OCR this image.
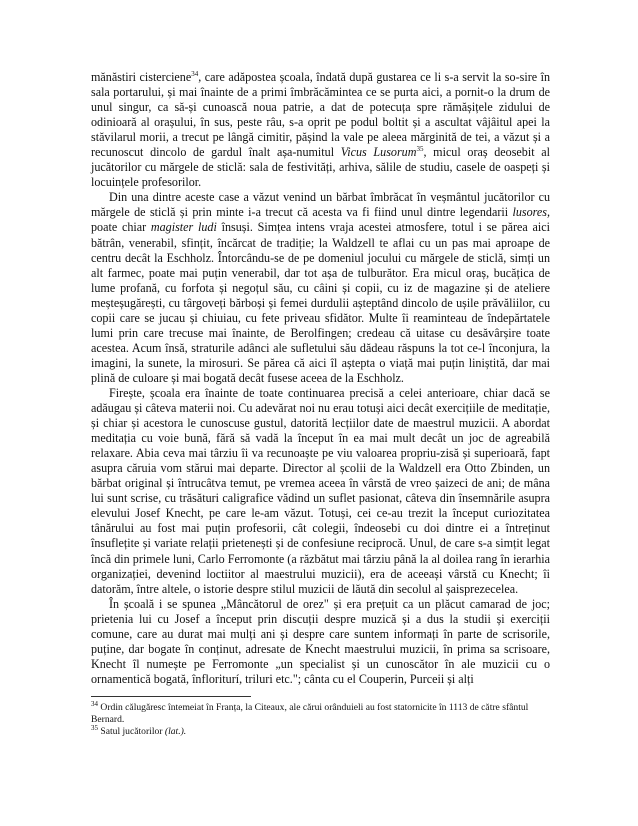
mănăstiri cisterciene$^{34}$, care adăpostea școala, îndată după gustarea ce li s-a servit la so-sire în sala portarului, și mai înainte de a primi îmbrăcămintea ce se purta aici, a pornit-o la drum de unul singur, ca să-și cunoască noua patrie, a dat de potecuța spre rămășițele zidului de odinioară al orașului, în sus, peste râu, s-a oprit pe podul boltit și a ascultat vâjâitul apei la stăvilarul morii, a trecut pe lângă cimitir, pășind la vale pe aleea mărginită de tei, a văzut și a recunoscut dincolo de gardul înalt așa-numitul Vicus Lusorum$^{35}$, micul oraș deosebit al jucătorilor cu mărgele de sticlă: sala de festivități, arhiva, sălile de studiu, casele de oaspeți și locuințele profesorilor.

Din una dintre aceste case a văzut venind un bărbat îmbrăcat în veșmântul jucătorilor cu mărgele de sticlă și prin minte i-a trecut că acesta va fi fiind unul dintre legendarii lusores, poate chiar magister ludi însuși. Simțea intens vraja acestei atmosfere, totul i se părea aici bătrân, venerabil, sfințit, încărcat de tradiție; la Waldzell te aflai cu un pas mai aproape de centru decât la Eschholz. Întorcându-se de pe domeniul jocului cu mărgele de sticlă, simți un alt farmec, poate mai puțin venerabil, dar tot așa de tulburător. Era micul oraș, bucățica de lume profană, cu forfota și negoțul său, cu câini și copii, cu iz de magazine și de ateliere meșteșugărești, cu târgoveți bărboși și femei durdulii așteptând dincolo de ușile prăvăliilor, cu copii care se jucau și chiuiau, cu fete priveau sfidător. Multe îi reaminteau de îndepărtatele lumi prin care trecuse mai înainte, de Berolfingen; credeau că uitase cu desăvârșire toate acestea. Acum însă, straturile adânci ale sufletului său dădeau răspuns la tot ce-l înconjura, la imagini, la sunete, la mirosuri. Se părea că aici îl aștepta o viață mai puțin liniștită, dar mai plină de culoare și mai bogată decât fusese aceea de la Eschholz.

Firește, școala era înainte de toate continuarea precisă a celei anterioare, chiar dacă se adăugau și câteva materii noi. Cu adevărat noi nu erau totuși aici decât exercițiile de meditație, și chiar și acestora le cunoscuse gustul, datorită lecțiilor date de maestrul muzicii. A abordat meditația cu voie bună, fără să vadă la început în ea mai mult decât un joc de agreabilă relaxare. Abia ceva mai târziu îi va recunoaște pe viu valoarea propriu-zisă și superioară, fapt asupra căruia vom stărui mai departe. Director al școlii de la Waldzell era Otto Zbinden, un bărbat original și întrucâtva temut, pe vremea aceea în vârstă de vreo șaizeci de ani; de mâna lui sunt scrise, cu trăsături caligrafice vădind un suflet pasionat, câteva din însemnările asupra elevului Josef Knecht, pe care le-am văzut. Totuși, cei ce-au trezit la început curiozitatea tânărului au fost mai puțin profesorii, cât colegii, îndeosebi cu doi dintre ei a întreținut însuflețite și variate relații prietenești și de confesiune reciprocă. Unul, de care s-a simțit legat încă din primele luni, Carlo Ferromonte (a răzbătut mai târziu până la al doilea rang în ierarhia organizației, devenind loctiitor al maestrului muzicii), era de aceeași vârstă cu Knecht; îi datorăm, între altele, o istorie despre stilul muzicii de lăută din secolul al șaisprezecelea.

În școală i se spunea „Mâncătorul de orez" și era prețuit ca un plăcut camarad de joc; prietenia lui cu Josef a început prin discuții despre muzică și a dus la studii și exerciții comune, care au durat mai mulți ani și despre care suntem informați în parte de scrisorile, puține, dar bogate în conținut, adresate de Knecht maestrului muzicii, în prima sa scrisoare, Knecht îl numește pe Ferromonte „un specialist și un cunoscător în ale muzicii cu o ornamentică bogată, înfloriturí, triluri etc."; cânta cu el Couperin, Purceii și alți

$^{34}$ Ordin călugăresc întemeiat în Franța, la Citeaux, ale cărui orânduieli au fost statornicite în 1113 de către sfântul Bernard.

$^{35}$ Satul jucătorilor (lat.).
